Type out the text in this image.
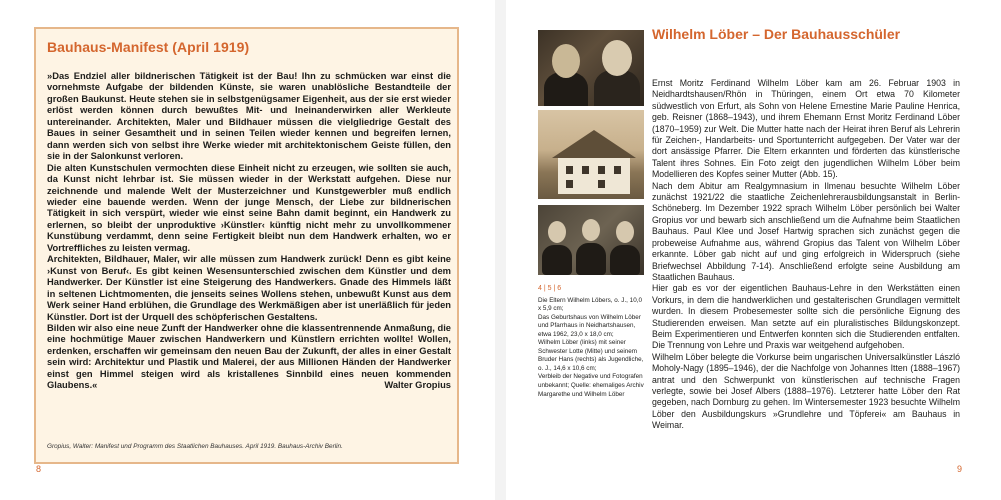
Bauhaus-Manifest (April 1919)

»Das Endziel aller bildnerischen Tätigkeit ist der Bau! Ihn zu schmücken war einst die vornehmste Aufgabe der bildenden Künste, sie waren unablösliche Bestandteile der großen Baukunst. Heute stehen sie in selbstgenügsamer Eigenheit, aus der sie erst wieder erlöst werden können durch bewußtes Mit- und Ineinanderwirken aller Werkleute untereinander. Architekten, Maler und Bildhauer müssen die vielgliedrige Gestalt des Baues in seiner Gesamtheit und in seinen Teilen wieder kennen und begreifen lernen, dann werden sich von selbst ihre Werke wieder mit architektonischem Geiste füllen, den sie in der Salonkunst verloren.

Die alten Kunstschulen vermochten diese Einheit nicht zu erzeugen, wie sollten sie auch, da Kunst nicht lehrbar ist. Sie müssen wieder in der Werkstatt aufgehen. Diese nur zeichnende und malende Welt der Musterzeichner und Kunstgewerbler muß endlich wieder eine bauende werden. Wenn der junge Mensch, der Liebe zur bildnerischen Tätigkeit in sich verspürt, wieder wie einst seine Bahn damit beginnt, ein Handwerk zu erlernen, so bleibt der unproduktive ›Künstler‹ künftig nicht mehr zu unvollkommener Kunstübung verdammt, denn seine Fertigkeit bleibt nun dem Handwerk erhalten, wo er Vortreffliches zu leisten vermag.

Architekten, Bildhauer, Maler, wir alle müssen zum Handwerk zurück! Denn es gibt keine ›Kunst von Beruf‹. Es gibt keinen Wesensunterschied zwischen dem Künstler und dem Handwerker. Der Künstler ist eine Steigerung des Handwerkers. Gnade des Himmels läßt in seltenen Lichtmomenten, die jenseits seines Wollens stehen, unbewußt Kunst aus dem Werk seiner Hand erblühen, die Grundlage des Werkmäßigen aber ist unerläßlich für jeden Künstler. Dort ist der Urquell des schöpferischen Gestaltens.

Bilden wir also eine neue Zunft der Handwerker ohne die klassentrennende Anmaßung, die eine hochmütige Mauer zwischen Handwerkern und Künstlern errichten wollte! Wollen, erdenken, erschaffen wir gemeinsam den neuen Bau der Zukunft, der alles in einer Gestalt sein wird: Architektur und Plastik und Malerei, der aus Millionen Händen der Handwerker einst gen Himmel steigen wird als kristallenes Sinnbild eines neuen kommenden Glaubens.«	Walter Gropius
Gropius, Walter: Manifest und Programm des Staatlichen Bauhauses. April 1919. Bauhaus-Archiv Berlin.
8
4 | 5 | 6
Die Eltern Wilhelm Löbers, o. J., 10,0 x 5,9 cm;
Das Geburtshaus von Wilhelm Löber und Pfarrhaus in Neidhartshausen, etwa 1962, 23,0 x 18,0 cm;
Wilhelm Löber (links) mit seiner Schwester Lotte (Mitte) und seinem Bruder Hans (rechts) als Jugendliche, o. J., 14,6 x 10,6 cm;
Verbleib der Negative und Fotografen unbekannt; Quelle: ehemaliges Archiv Margarethe und Wilhelm Löber
Wilhelm Löber – Der Bauhausschüler

Ernst Moritz Ferdinand Wilhelm Löber kam am 26. Februar 1903 in Neidhardtshausen/Rhön in Thüringen, einem Ort etwa 70 Kilometer südwestlich von Erfurt, als Sohn von Helene Ernestine Marie Pauline Henrica, geb. Reisner (1868–1943), und ihrem Ehemann Ernst Moritz Ferdinand Löber (1870–1959) zur Welt. Die Mutter hatte nach der Heirat ihren Beruf als Lehrerin für Zeichen-, Handarbeits- und Sportunterricht aufgegeben. Der Vater war der dort ansässige Pfarrer. Die Eltern erkannten und förderten das künstlerische Talent ihres Sohnes. Ein Foto zeigt den jugendlichen Wilhelm Löber beim Modellieren des Kopfes seiner Mutter (Abb. 15).

Nach dem Abitur am Realgymnasium in Ilmenau besuchte Wilhelm Löber zunächst 1921/22 die staatliche Zeichenlehrerausbildungsanstalt in Berlin-Schöneberg. Im Dezember 1922 sprach Wilhelm Löber persönlich bei Walter Gropius vor und bewarb sich anschließend um die Aufnahme beim Staatlichen Bauhaus. Paul Klee und Josef Hartwig sprachen sich zunächst gegen die probeweise Aufnahme aus, während Gropius das Talent von Wilhelm Löber erkannte. Löber gab nicht auf und ging erfolgreich in Widerspruch (siehe Briefwechsel Abbildung 7-14). Anschließend erfolgte seine Ausbildung am Staatlichen Bauhaus.

Hier gab es vor der eigentlichen Bauhaus-Lehre in den Werkstätten einen Vorkurs, in dem die handwerklichen und gestalterischen Grundlagen vermittelt wurden. In diesem Probesemester sollte sich die persönliche Eignung des Studierenden erweisen. Man setzte auf ein pluralistisches Bildungskonzept. Beim Experimentieren und Entwerfen konnten sich die Studierenden entfalten. Die Trennung von Lehre und Praxis war weitgehend aufgehoben.

Wilhelm Löber belegte die Vorkurse beim ungarischen Universalkünstler László Moholy-Nagy (1895–1946), der die Nachfolge von Johannes Itten (1888–1967) antrat und den Schwerpunkt von künstlerischen auf technische Fragen verlegte, sowie bei Josef Albers (1888–1976). Letzterer hatte Löber den Rat gegeben, nach Dornburg zu gehen. Im Wintersemester 1923 besuchte Wilhelm Löber den Ausbildungskurs »Grundlehre und Töpferei« am Bauhaus in Weimar.

9
